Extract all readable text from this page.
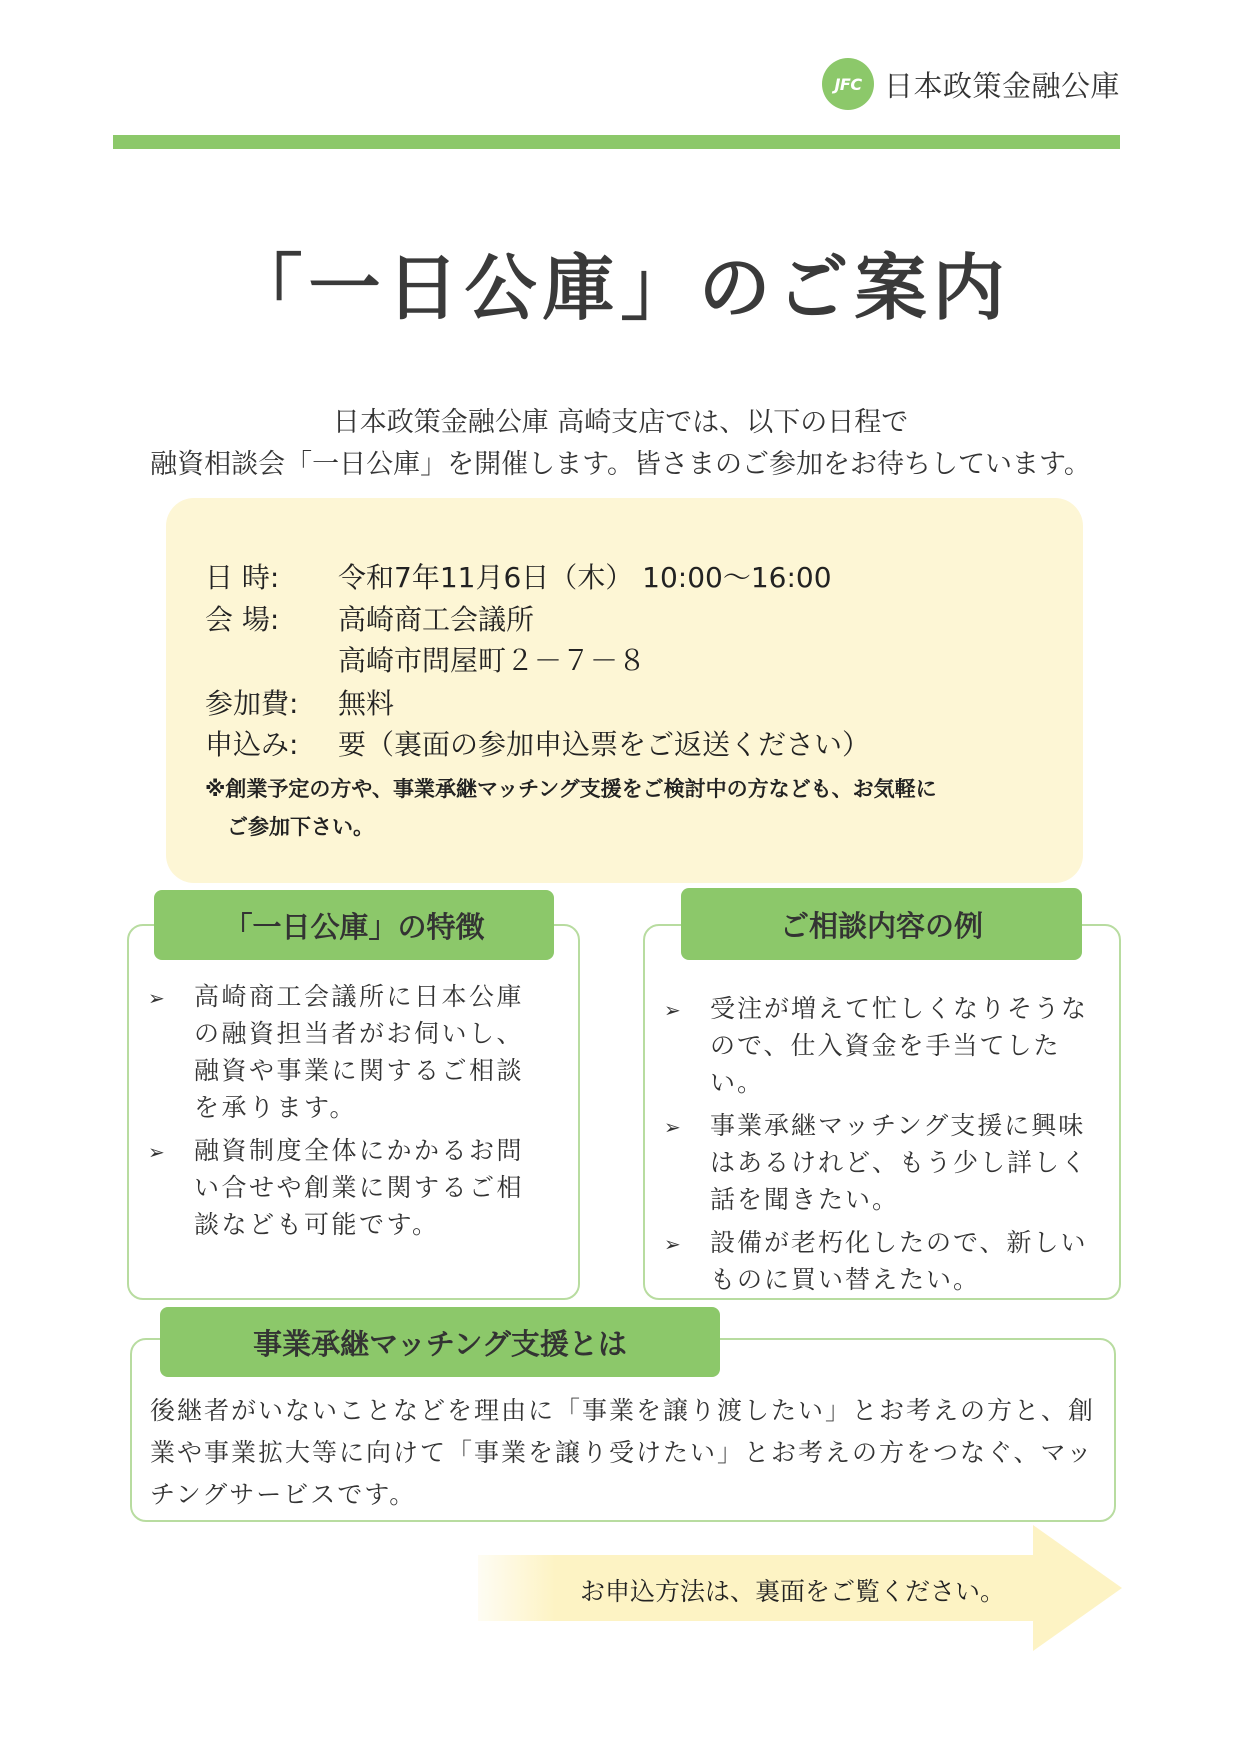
JFC 日本政策金融公庫
「一日公庫」のご案内
日本政策金融公庫 高崎支店では、以下の日程で
融資相談会「一日公庫」を開催します。皆さまのご参加をお待ちしています。
日 時:	令和7年11月6日（木） 10:00～16:00
会 場:	高崎商工会議所
高崎市問屋町２－７－８
参加費:	無料
申込み:	要（裏面の参加申込票をご返送ください）
※創業予定の方や、事業承継マッチング支援をご検討中の方なども、お気軽に
ご参加下さい。
「一日公庫」の特徴
➢	高崎商工会議所に日本公庫の融資担当者がお伺いし、融資や事業に関するご相談を承ります。
➢	融資制度全体にかかるお問い合せや創業に関するご相談なども可能です。
ご相談内容の例
➢	受注が増えて忙しくなりそうなので、仕入資金を手当てしたい。
➢	事業承継マッチング支援に興味はあるけれど、もう少し詳しく話を聞きたい。
➢	設備が老朽化したので、新しいものに買い替えたい。
事業承継マッチング支援とは
後継者がいないことなどを理由に「事業を譲り渡したい」とお考えの方と、創業や事業拡大等に向けて「事業を譲り受けたい」とお考えの方をつなぐ、マッチングサービスです。
お申込方法は、裏面をご覧ください。
